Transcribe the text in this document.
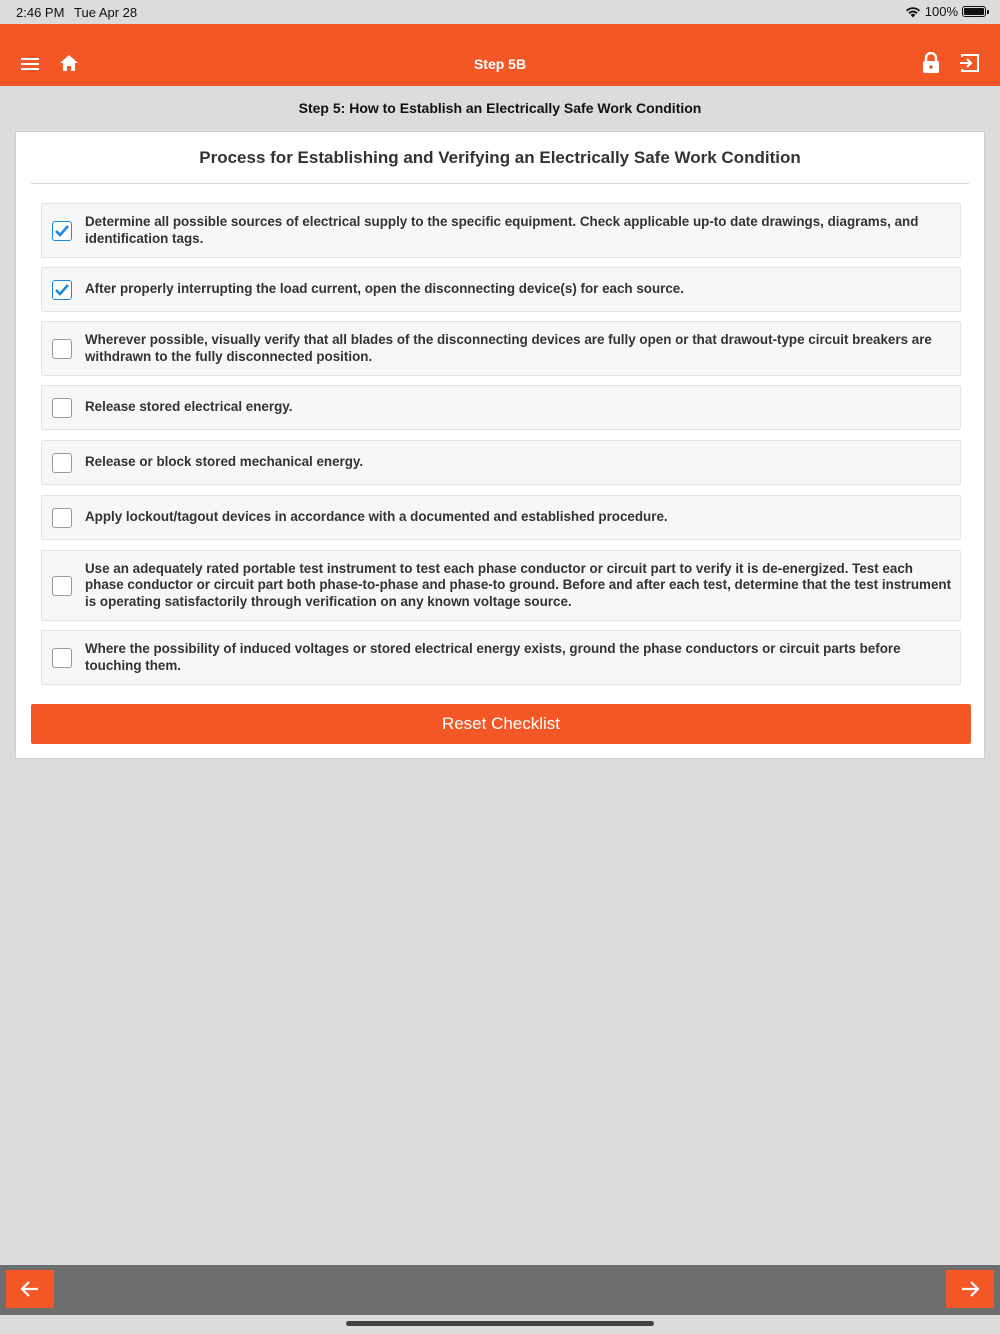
2:46 PM Tue Apr 28	100%
Step 5B
Step 5: How to Establish an Electrically Safe Work Condition
Process for Establishing and Verifying an Electrically Safe Work Condition
Determine all possible sources of electrical supply to the specific equipment. Check applicable up-to date drawings, diagrams, and identification tags.
After properly interrupting the load current, open the disconnecting device(s) for each source.
Wherever possible, visually verify that all blades of the disconnecting devices are fully open or that drawout-type circuit breakers are withdrawn to the fully disconnected position.
Release stored electrical energy.
Release or block stored mechanical energy.
Apply lockout/tagout devices in accordance with a documented and established procedure.
Use an adequately rated portable test instrument to test each phase conductor or circuit part to verify it is de-energized. Test each phase conductor or circuit part both phase-to-phase and phase-to ground. Before and after each test, determine that the test instrument is operating satisfactorily through verification on any known voltage source.
Where the possibility of induced voltages or stored electrical energy exists, ground the phase conductors or circuit parts before touching them.
Reset Checklist
